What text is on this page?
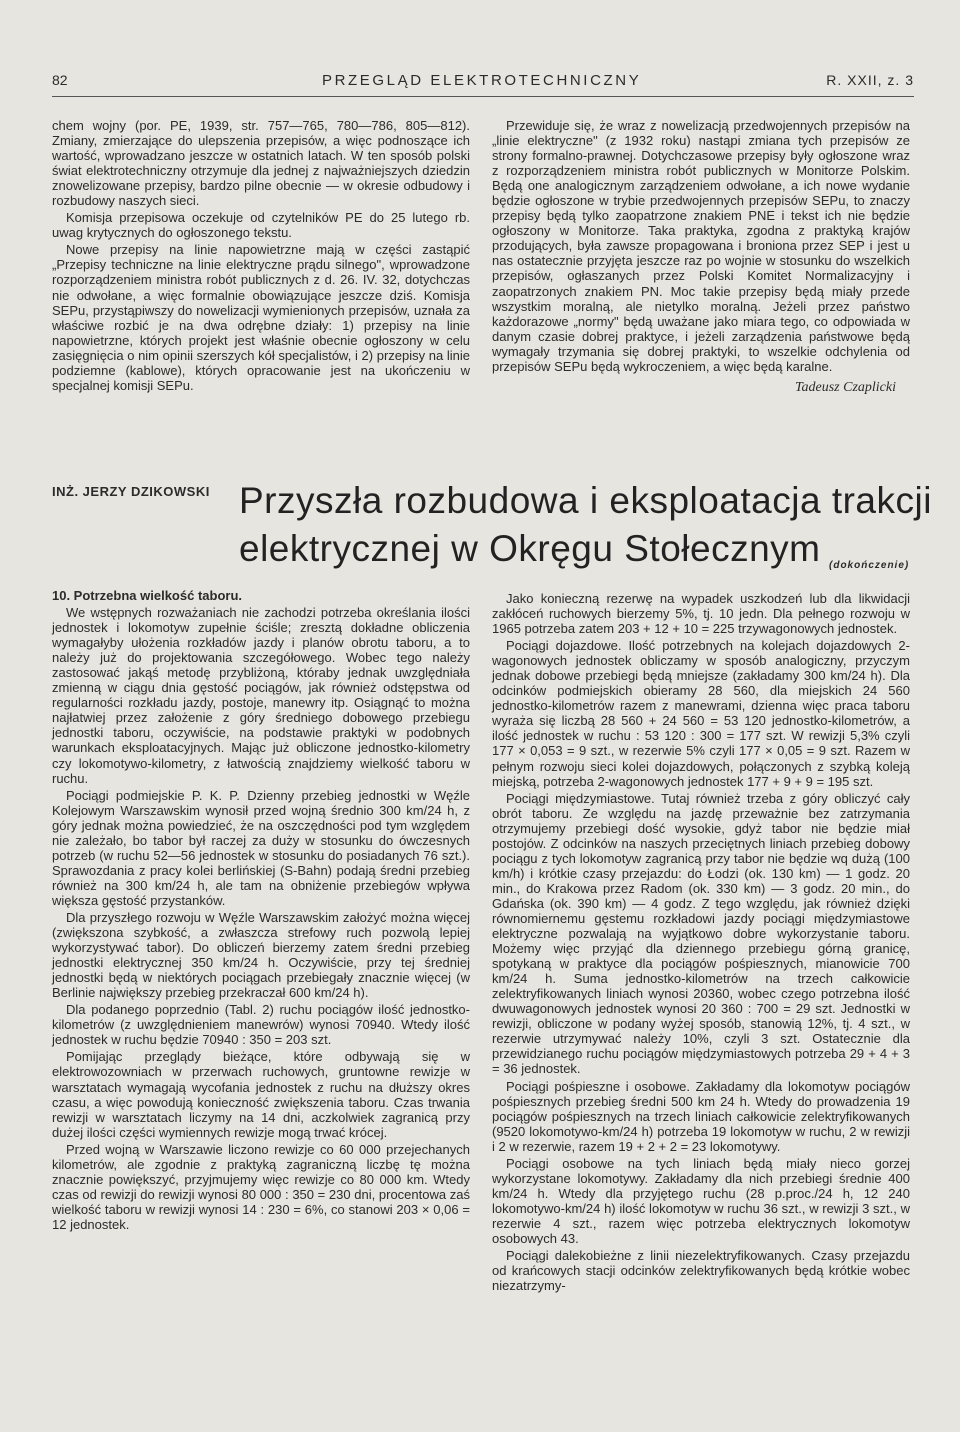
82	PRZEGLĄD ELEKTROTECHNICZNY	R. XXII, z. 3

chem wojny (por. PE, 1939, str. 757—765, 780—786, 805—812). Zmiany, zmierzające do ulepszenia przepisów, a więc podnoszące ich wartość, wprowadzano jeszcze w ostatnich latach. W ten sposób polski świat elektrotechniczny otrzymuje dla jednej z najważniejszych dziedzin znowelizowane przepisy, bardzo pilne obecnie — w okresie odbudowy i rozbudowy naszych sieci.

Komisja przepisowa oczekuje od czytelników PE do 25 lutego rb. uwag krytycznych do ogłoszonego tekstu.

Nowe przepisy na linie napowietrzne mają w części zastąpić „Przepisy techniczne na linie elektryczne prądu silnego", wprowadzone rozporządzeniem ministra robót publicznych z d. 26. IV. 32, dotychczas nie odwołane, a więc formalnie obowiązujące jeszcze dziś. Komisja SEPu, przystąpiwszy do nowelizacji wymienionych przepisów, uznała za właściwe rozbić je na dwa odrębne działy: 1) przepisy na linie napowietrzne, których projekt jest właśnie obecnie ogłoszony w celu zasięgnięcia o nim opinii szerszych kół specjalistów, i 2) przepisy na linie podziemne (kablowe), których opracowanie jest na ukończeniu w specjalnej komisji SEPu.

Przewiduje się, że wraz z nowelizacją przedwojennych przepisów na „linie elektryczne" (z 1932 roku) nastąpi zmiana tych przepisów ze strony formalno-prawnej. Dotychczasowe przepisy były ogłoszone wraz z rozporządzeniem ministra robót publicznych w Monitorze Polskim. Będą one analogicznym zarządzeniem odwołane, a ich nowe wydanie będzie ogłoszone w trybie przedwojennych przepisów SEPu, to znaczy przepisy będą tylko zaopatrzone znakiem PNE i tekst ich nie będzie ogłoszony w Monitorze. Taka praktyka, zgodna z praktyką krajów przodujących, była zawsze propagowana i broniona przez SEP i jest u nas ostatecznie przyjęta jeszcze raz po wojnie w stosunku do wszelkich przepisów, ogłaszanych przez Polski Komitet Normalizacyjny i zaopatrzonych znakiem PN. Moc takie przepisy będą miały przede wszystkim moralną, ale nietylko moralną. Jeżeli przez państwo każdorazowe „normy" będą uważane jako miara tego, co odpowiada w danym czasie dobrej praktyce, i jeżeli zarządzenia państwowe będą wymagały trzymania się dobrej praktyki, to wszelkie odchylenia od przepisów SEPu będą wykroczeniem, a więc będą karalne.

Tadeusz Czaplicki
INŻ. JERZY DZIKOWSKI Przyszła rozbudowa i eksploatacja trakcji
elektrycznej w Okręgu Stołecznym (dokończenie)

10. Potrzebna wielkość taboru.

We wstępnych rozważaniach nie zachodzi potrzeba określania ilości jednostek i lokomotyw zupełnie ściśle; zresztą dokładne obliczenia wymagałyby ułożenia rozkładów jazdy i planów obrotu taboru, a to należy już do projektowania szczegółowego. Wobec tego należy zastosować jakąś metodę przybliżoną, któraby jednak uwzględniała zmienną w ciągu dnia gęstość pociągów, jak również odstępstwa od regularności rozkładu jazdy, postoje, manewry itp. Osiągnąć to można najłatwiej przez założenie z góry średniego dobowego przebiegu jednostki taboru, oczywiście, na podstawie praktyki w podobnych warunkach eksploatacyjnych. Mając już obliczone jednostko-kilometry czy lokomotywo-kilometry, z łatwością znajdziemy wielkość taboru w ruchu.

Pociągi podmiejskie P. K. P. Dzienny przebieg jednostki w Węźle Kolejowym Warszawskim wynosił przed wojną średnio 300 km/24 h, z góry jednak można powiedzieć, że na oszczędności pod tym względem nie zależało, bo tabor był raczej za duży w stosunku do ówczesnych potrzeb (w ruchu 52—56 jednostek w stosunku do posiadanych 76 szt.). Sprawozdania z pracy kolei berlińskiej (S-Bahn) podają średni przebieg również na 300 km/24 h, ale tam na obniżenie przebiegów wpływa większa gęstość przystanków.

Dla przyszłego rozwoju w Węźle Warszawskim założyć można więcej (zwiększona szybkość, a zwłaszcza strefowy ruch pozwolą lepiej wykorzystywać tabor). Do obliczeń bierzemy zatem średni przebieg jednostki elektrycznej 350 km/24 h. Oczywiście, przy tej średniej jednostki będą w niektórych pociągach przebiegały znacznie więcej (w Berlinie największy przebieg przekraczał 600 km/24 h).

Dla podanego poprzednio (Tabl. 2) ruchu pociągów ilość jednostko-kilometrów (z uwzględnieniem manewrów) wynosi 70940. Wtedy ilość jednostek w ruchu będzie 70940 : 350 = 203 szt.

Pomijając przeglądy bieżące, które odbywają się w elektrowozowniach w przerwach ruchowych, gruntowne rewizje w warsztatach wymagają wycofania jednostek z ruchu na dłuższy okres czasu, a więc powodują konieczność zwiększenia taboru. Czas trwania rewizji w warsztatach liczymy na 14 dni, aczkolwiek zagranicą przy dużej ilości części wymiennych rewizje mogą trwać krócej.

Przed wojną w Warszawie liczono rewizje co 60 000 przejechanych kilometrów, ale zgodnie z praktyką zagraniczną liczbę tę można znacznie powiększyć, przyjmujemy więc rewizje co 80 000 km. Wtedy czas od rewizji do rewizji wynosi 80 000 : 350 = 230 dni, procentowa zaś wielkość taboru w rewizji wynosi 14 : 230 = 6%, co stanowi 203 × 0,06 = 12 jednostek.

Jako konieczną rezerwę na wypadek uszkodzeń lub dla likwidacji zakłóceń ruchowych bierzemy 5%, tj. 10 jedn. Dla pełnego rozwoju w 1965 potrzeba zatem 203 + 12 + 10 = 225 trzywagonowych jednostek.

Pociągi dojazdowe. Ilość potrzebnych na kolejach dojazdowych 2-wagonowych jednostek obliczamy w sposób analogiczny, przyczym jednak dobowe przebiegi będą mniejsze (zakładamy 300 km/24 h). Dla odcinków podmiejskich obieramy 28 560, dla miejskich 24 560 jednostko-kilometrów razem z manewrami, dzienna więc praca taboru wyraża się liczbą 28 560 + 24 560 = 53 120 jednostko-kilometrów, a ilość jednostek w ruchu : 53 120 : 300 = 177 szt. W rewizji 5,3% czyli 177 × 0,053 = 9 szt., w rezerwie 5% czyli 177 × 0,05 = 9 szt. Razem w pełnym rozwoju sieci kolei dojazdowych, połączonych z szybką koleją miejską, potrzeba 2-wagonowych jednostek 177 + 9 + 9 = 195 szt.

Pociągi międzymiastowe. Tutaj również trzeba z góry obliczyć cały obrót taboru. Ze względu na jazdę przeważnie bez zatrzymania otrzymujemy przebiegi dość wysokie, gdyż tabor nie będzie miał postojów. Z odcinków na naszych przeciętnych liniach przebieg dobowy pociągu z tych lokomotyw zagranicą przy tabor nie będzie wq dużą (100 km/h) i krótkie czasy przejazdu: do Łodzi (ok. 130 km) — 1 godz. 20 min., do Krakowa przez Radom (ok. 330 km) — 3 godz. 20 min., do Gdańska (ok. 390 km) — 4 godz. Z tego względu, jak również dzięki równomiernemu gęstemu rozkładowi jazdy pociągi międzymiastowe elektryczne pozwalają na wyjątkowo dobre wykorzystanie taboru. Możemy więc przyjąć dla dziennego przebiegu górną granicę, spotykaną w praktyce dla pociągów pośpiesznych, mianowicie 700 km/24 h. Suma jednostko-kilometrów na trzech całkowicie zelektryfikowanych liniach wynosi 20360, wobec czego potrzebna ilość dwuwagonowych jednostek wynosi 20 360 : 700 = 29 szt. Jednostki w rewizji, obliczone w podany wyżej sposób, stanowią 12%, tj. 4 szt., w rezerwie utrzymywać należy 10%, czyli 3 szt. Ostatecznie dla przewidzianego ruchu pociągów międzymiastowych potrzeba 29 + 4 + 3 = 36 jednostek.

Pociągi pośpieszne i osobowe. Zakładamy dla lokomotyw pociągów pośpiesznych przebieg średni 500 km 24 h. Wtedy do prowadzenia 19 pociągów pośpiesznych na trzech liniach całkowicie zelektryfikowanych (9520 lokomotywo-km/24 h) potrzeba 19 lokomotyw w ruchu, 2 w rewizji i 2 w rezerwie, razem 19 + 2 + 2 = 23 lokomotywy.

Pociągi osobowe na tych liniach będą miały nieco gorzej wykorzystane lokomotywy. Zakładamy dla nich przebiegi średnie 400 km/24 h. Wtedy dla przyjętego ruchu (28 p.proc./24 h, 12 240 lokomotywo-km/24 h) ilość lokomotyw w ruchu 36 szt., w rewizji 3 szt., w rezerwie 4 szt., razem więc potrzeba elektrycznych lokomotyw osobowych 43.

Pociągi dalekobieżne z linii niezelektryfikowanych. Czasy przejazdu od krańcowych stacji odcinków zelektryfikowanych będą krótkie wobec niezatrzymy-
